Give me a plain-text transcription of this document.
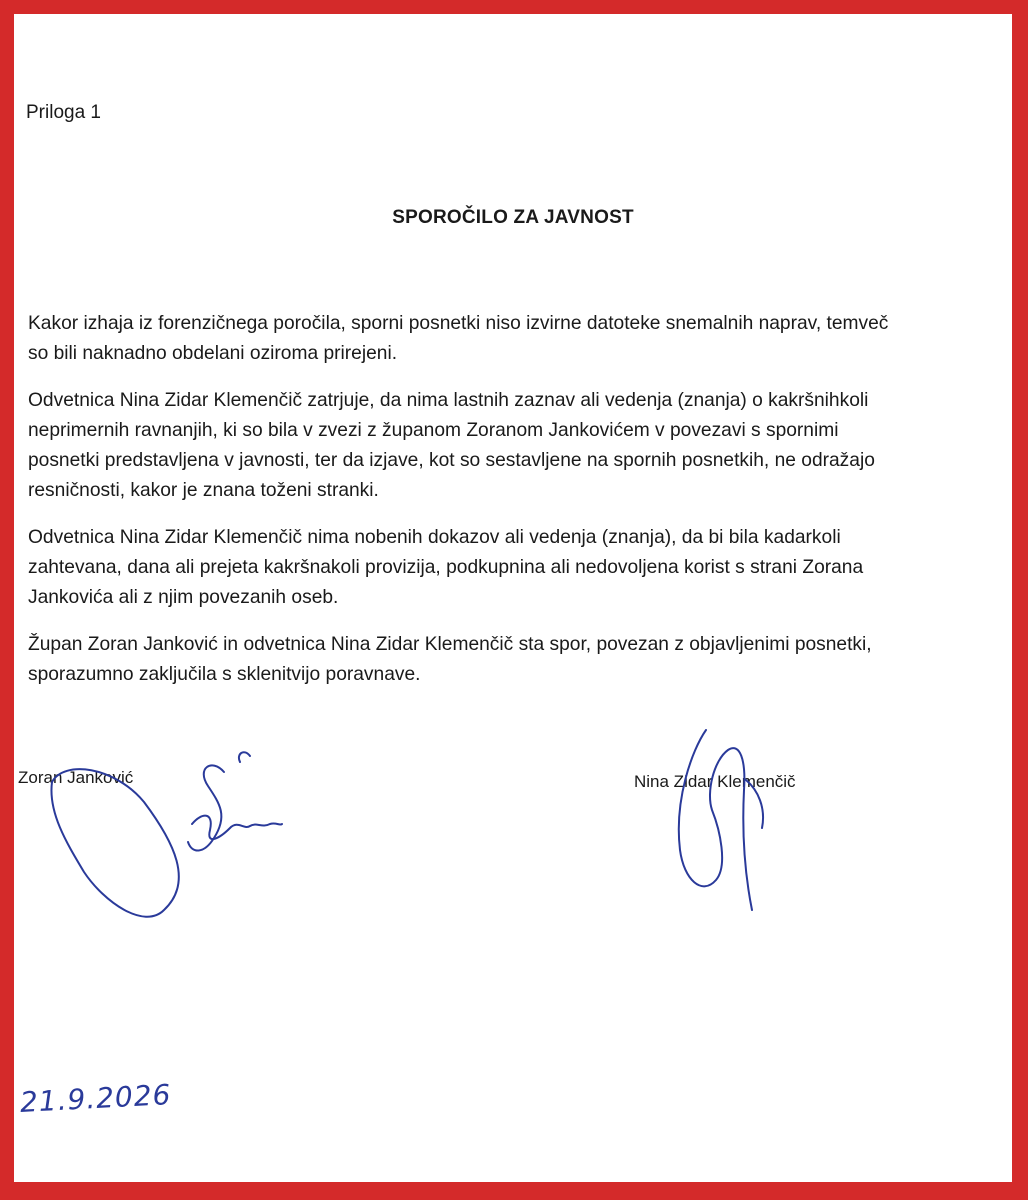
Priloga 1

SPOROČILO ZA JAVNOST

Kakor izhaja iz forenzičnega poročila, sporni posnetki niso izvirne datoteke snemalnih naprav, temveč
so bili naknadno obdelani oziroma prirejeni.

Odvetnica Nina Zidar Klemenčič zatrjuje, da nima lastnih zaznav ali vedenja (znanja) o kakršnihkoli
neprimernih ravnanjih, ki so bila v zvezi z županom Zoranom Jankovićem v povezavi s spornimi
posnetki predstavljena v javnosti, ter da izjave, kot so sestavljene na spornih posnetkih, ne odražajo
resničnosti, kakor je znana toženi stranki.

Odvetnica Nina Zidar Klemenčič nima nobenih dokazov ali vedenja (znanja), da bi bila kadarkoli
zahtevana, dana ali prejeta kakršnakoli provizija, podkupnina ali nedovoljena korist s strani Zorana
Jankovića ali z njim povezanih oseb.

Župan Zoran Janković in odvetnica Nina Zidar Klemenčič sta spor, povezan z objavljenimi posnetki,
sporazumno zaključila s sklenitvijo poravnave.

Zoran Janković	Nina Zidar Klemenčič

21.9.2026
